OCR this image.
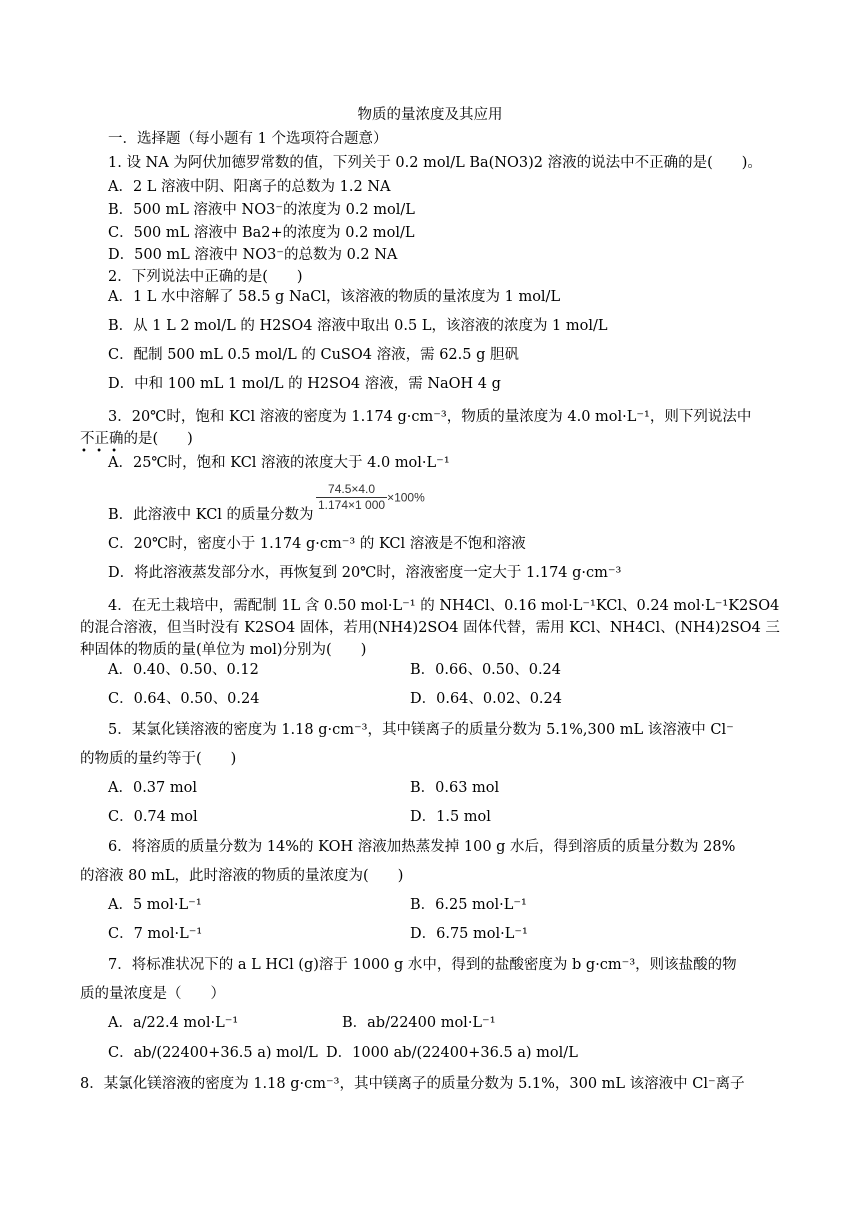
物质的量浓度及其应用
一．选择题（每小题有 1 个选项符合题意）
1. 设 NA 为阿伏加德罗常数的值，下列关于 0.2 mol/L Ba(NO3)2 溶液的说法中不正确的是(　　)。
A．2 L 溶液中阴、阳离子的总数为 1.2 NA
B．500 mL 溶液中 NO3⁻的浓度为 0.2 mol/L
C．500 mL 溶液中 Ba2+的浓度为 0.2 mol/L
D．500 mL 溶液中 NO3⁻的总数为 0.2 NA
2．下列说法中正确的是(　　)
A．1 L 水中溶解了 58.5 g NaCl，该溶液的物质的量浓度为 1 mol/L
B．从 1 L 2 mol/L 的 H2SO4 溶液中取出 0.5 L，该溶液的浓度为 1 mol/L
C．配制 500 mL 0.5 mol/L 的 CuSO4 溶液，需 62.5 g 胆矾
D．中和 100 mL 1 mol/L 的 H2SO4 溶液，需 NaOH 4 g
3．20℃时，饱和 KCl 溶液的密度为 1.174 g·cm⁻³，物质的量浓度为 4.0 mol·L⁻¹，则下列说法中
不正确的是(　　)
• • •
A．25℃时，饱和 KCl 溶液的浓度大于 4.0 mol·L⁻¹
B．此溶液中 KCl 的质量分数为
$\frac{74.5\times 4.0}{1.174\times 1 000} \times 100\%$
C．20℃时，密度小于 1.174 g·cm⁻³ 的 KCl 溶液是不饱和溶液
D．将此溶液蒸发部分水，再恢复到 20℃时，溶液密度一定大于 1.174 g·cm⁻³
4．在无土栽培中，需配制 1L 含 0.50 mol·L⁻¹ 的 NH4Cl、0.16 mol·L⁻¹KCl、0.24 mol·L⁻¹K2SO4
的混合溶液，但当时没有 K2SO4 固体，若用(NH4)2SO4 固体代替，需用 KCl、NH4Cl、(NH4)2SO4 三
种固体的物质的量(单位为 mol)分别为(　　)
A．0.40、0.50、0.12	B．0.66、0.50、0.24
C．0.64、0.50、0.24	D．0.64、0.02、0.24
5．某氯化镁溶液的密度为 1.18 g·cm⁻³，其中镁离子的质量分数为 5.1%,300 mL 该溶液中 Cl⁻
的物质的量约等于(　　)
A．0.37 mol	B．0.63 mol
C．0.74 mol	D．1.5 mol
6．将溶质的质量分数为 14%的 KOH 溶液加热蒸发掉 100 g 水后，得到溶质的质量分数为 28%
的溶液 80 mL，此时溶液的物质的量浓度为(　　)
A．5 mol·L⁻¹	B．6.25 mol·L⁻¹
C．7 mol·L⁻¹	D．6.75 mol·L⁻¹
7．将标准状况下的 a L HCl (g)溶于 1000 g 水中，得到的盐酸密度为 b g·cm⁻³，则该盐酸的物
质的量浓度是（　　）
A．a/22.4 mol·L⁻¹	B．ab/22400 mol·L⁻¹
C．ab/(22400+36.5 a) mol/L D．1000 ab/(22400+36.5 a) mol/L
8．某氯化镁溶液的密度为 1.18 g·cm⁻³，其中镁离子的质量分数为 5.1%，300 mL 该溶液中 Cl⁻离子
